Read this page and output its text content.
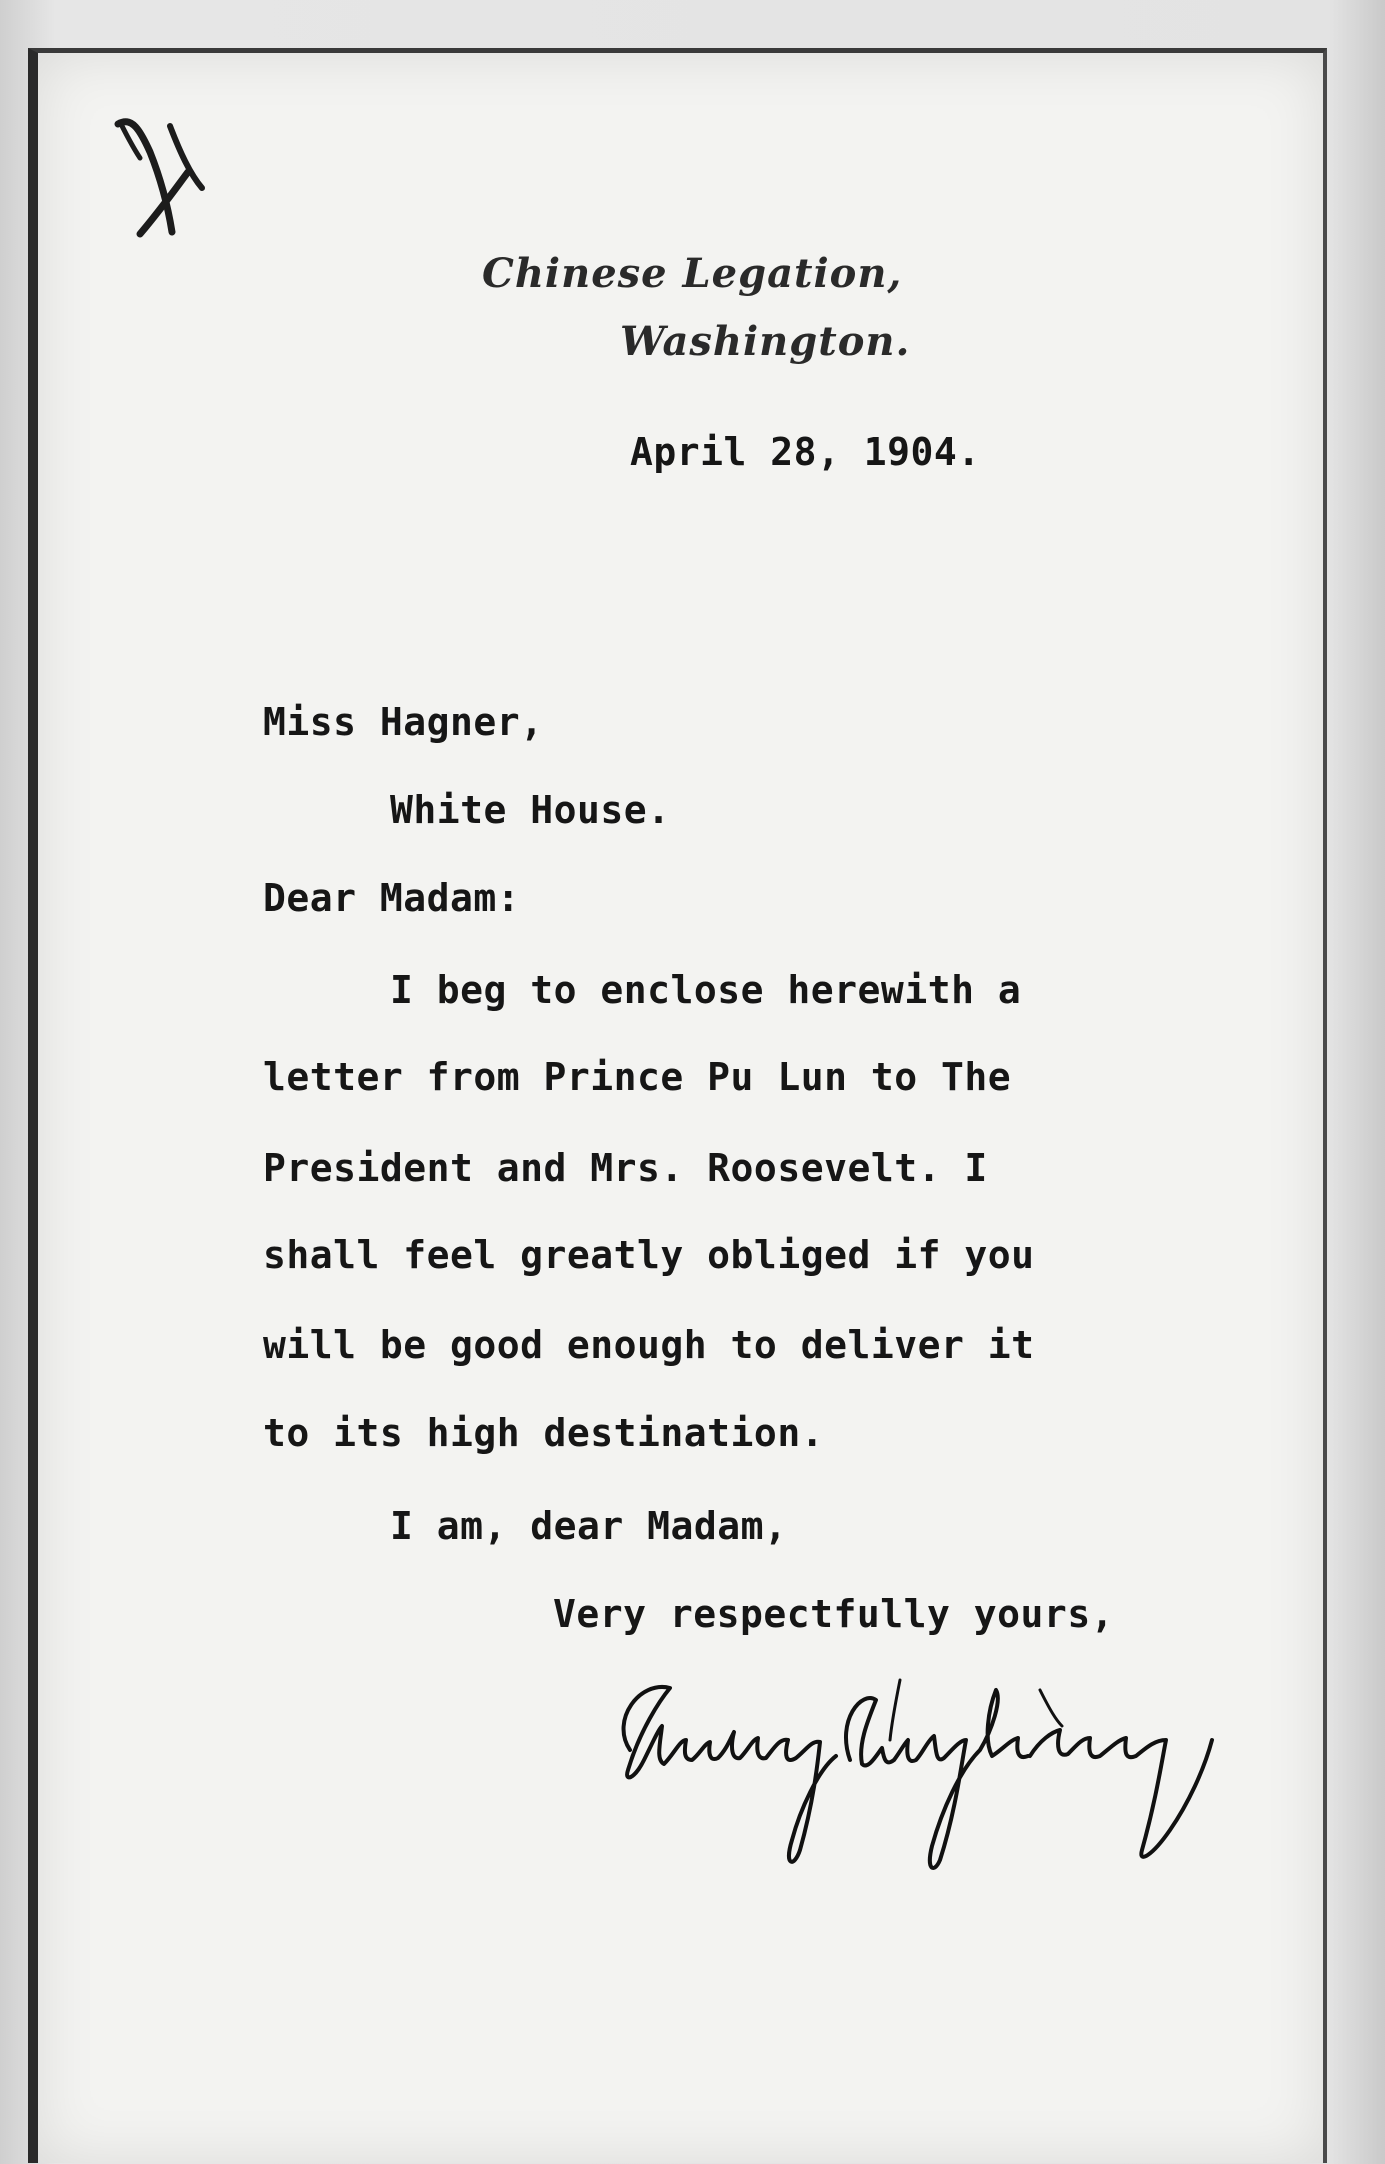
Chinese Legation,
Washington.
April 28, 1904.
Miss Hagner,
White House.
Dear Madam:
I beg to enclose herewith a
letter from Prince Pu Lun to The
President and Mrs. Roosevelt. I
shall feel greatly obliged if you
will be good enough to deliver it
to its high destination.
I am, dear Madam,
Very respectfully yours,
